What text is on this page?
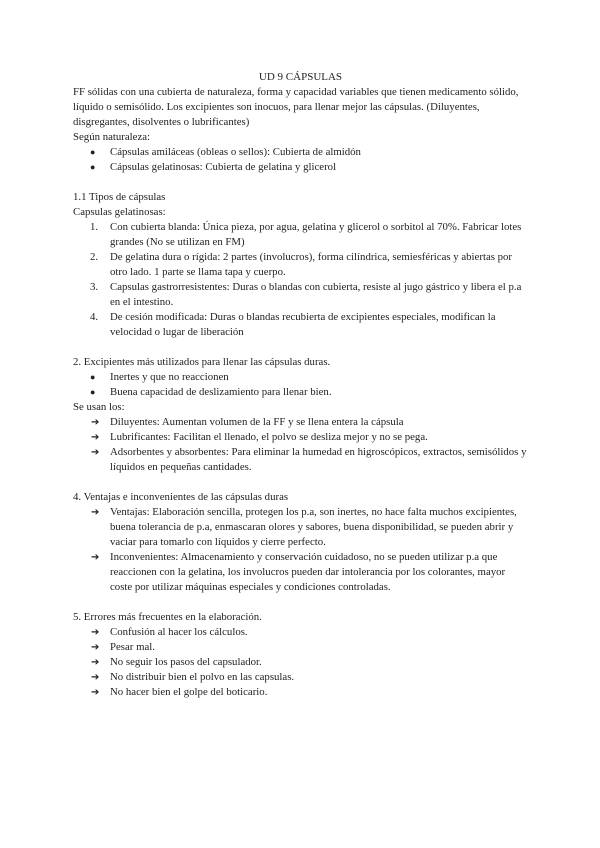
UD 9 CÁPSULAS

FF sólidas con una cubierta de naturaleza, forma y capacidad variables que tienen medicamento sólido, líquido o semisólido. Los excipientes son inocuos, para llenar mejor las cápsulas. (Diluyentes, disgregantes, disolventes o lubrificantes)

Según naturaleza:

● Cápsulas amiláceas (obleas o sellos): Cubierta de almidón
● Cápsulas gelatinosas: Cubierta de gelatina y glicerol

1.1 Tipos de cápsulas

Capsulas gelatinosas:

1. Con cubierta blanda: Única pieza, por agua, gelatina y glicerol o sorbitol al 70%. Fabricar lotes grandes (No se utilizan en FM)
2. De gelatina dura o rígida: 2 partes (involucros), forma cilíndrica, semiesféricas y abiertas por otro lado. 1 parte se llama tapa y cuerpo.
3. Capsulas gastrorresistentes: Duras o blandas con cubierta, resiste al jugo gástrico y libera el p.a en el intestino.
4. De cesión modificada: Duras o blandas recubierta de excipientes especiales, modifican la velocidad o lugar de liberación

2. Excipientes más utilizados para llenar las cápsulas duras.

● Inertes y que no reaccionen
● Buena capacidad de deslizamiento para llenar bien.

Se usan los:

➔ Diluyentes: Aumentan volumen de la FF y se llena entera la cápsula
➔ Lubrificantes: Facilitan el llenado, el polvo se desliza mejor y no se pega.
➔ Adsorbentes y absorbentes: Para eliminar la humedad en higroscópicos, extractos, semisólidos y líquidos en pequeñas cantidades.

4. Ventajas e inconvenientes de las cápsulas duras

➔ Ventajas: Elaboración sencilla, protegen los p.a, son inertes, no hace falta muchos excipientes, buena tolerancia de p.a, enmascaran olores y sabores, buena disponibilidad, se pueden abrir y vaciar para tomarlo con líquidos y cierre perfecto.
➔ Inconvenientes: Almacenamiento y conservación cuidadoso, no se pueden utilizar p.a que reaccionen con la gelatina, los involucros pueden dar intolerancia por los colorantes, mayor coste por utilizar máquinas especiales y condiciones controladas.

5. Errores más frecuentes en la elaboración.

➔ Confusión al hacer los cálculos.
➔ Pesar mal.
➔ No seguir los pasos del capsulador.
➔ No distribuir bien el polvo en las capsulas.
➔ No hacer bien el golpe del boticario.
